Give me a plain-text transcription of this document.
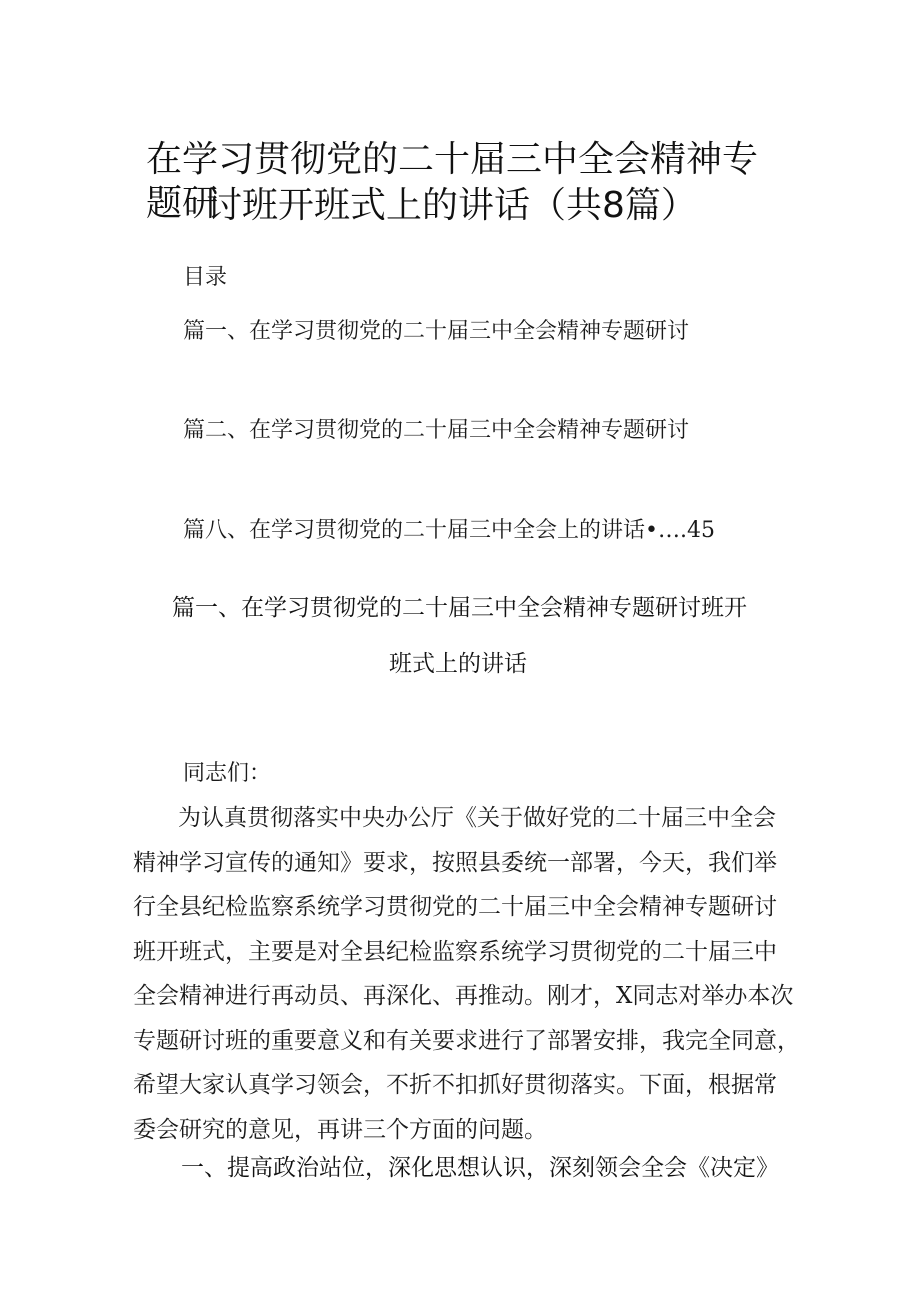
在学习贯彻党的二十届三中全会精神专题研
讨班开班式上的讲话（共8篇）
目录
篇一、在学习贯彻党的二十届三中全会精神专题研讨
篇二、在学习贯彻党的二十届三中全会精神专题研讨
篇八、在学习贯彻党的二十届三中全会上的讲话•….45
篇一、在学习贯彻党的二十届三中全会精神专题研讨班开
班式上的讲话
同志们：
为认真贯彻落实中央办公厅《关于做好党的二十届三中全会
精神学习宣传的通知》要求，按照县委统一部署，今天，我们举
行全县纪检监察系统学习贯彻党的二十届三中全会精神专题研讨
班开班式，主要是对全县纪检监察系统学习贯彻党的二十届三中
全会精神进行再动员、再深化、再推动。刚才，X同志对举办本次
专题研讨班的重要意义和有关要求进行了部署安排，我完全同意，
希望大家认真学习领会，不折不扣抓好贯彻落实。下面，根据常
委会研究的意见，再讲三个方面的问题。
一、提高政治站位，深化思想认识，深刻领会全会《决定》
